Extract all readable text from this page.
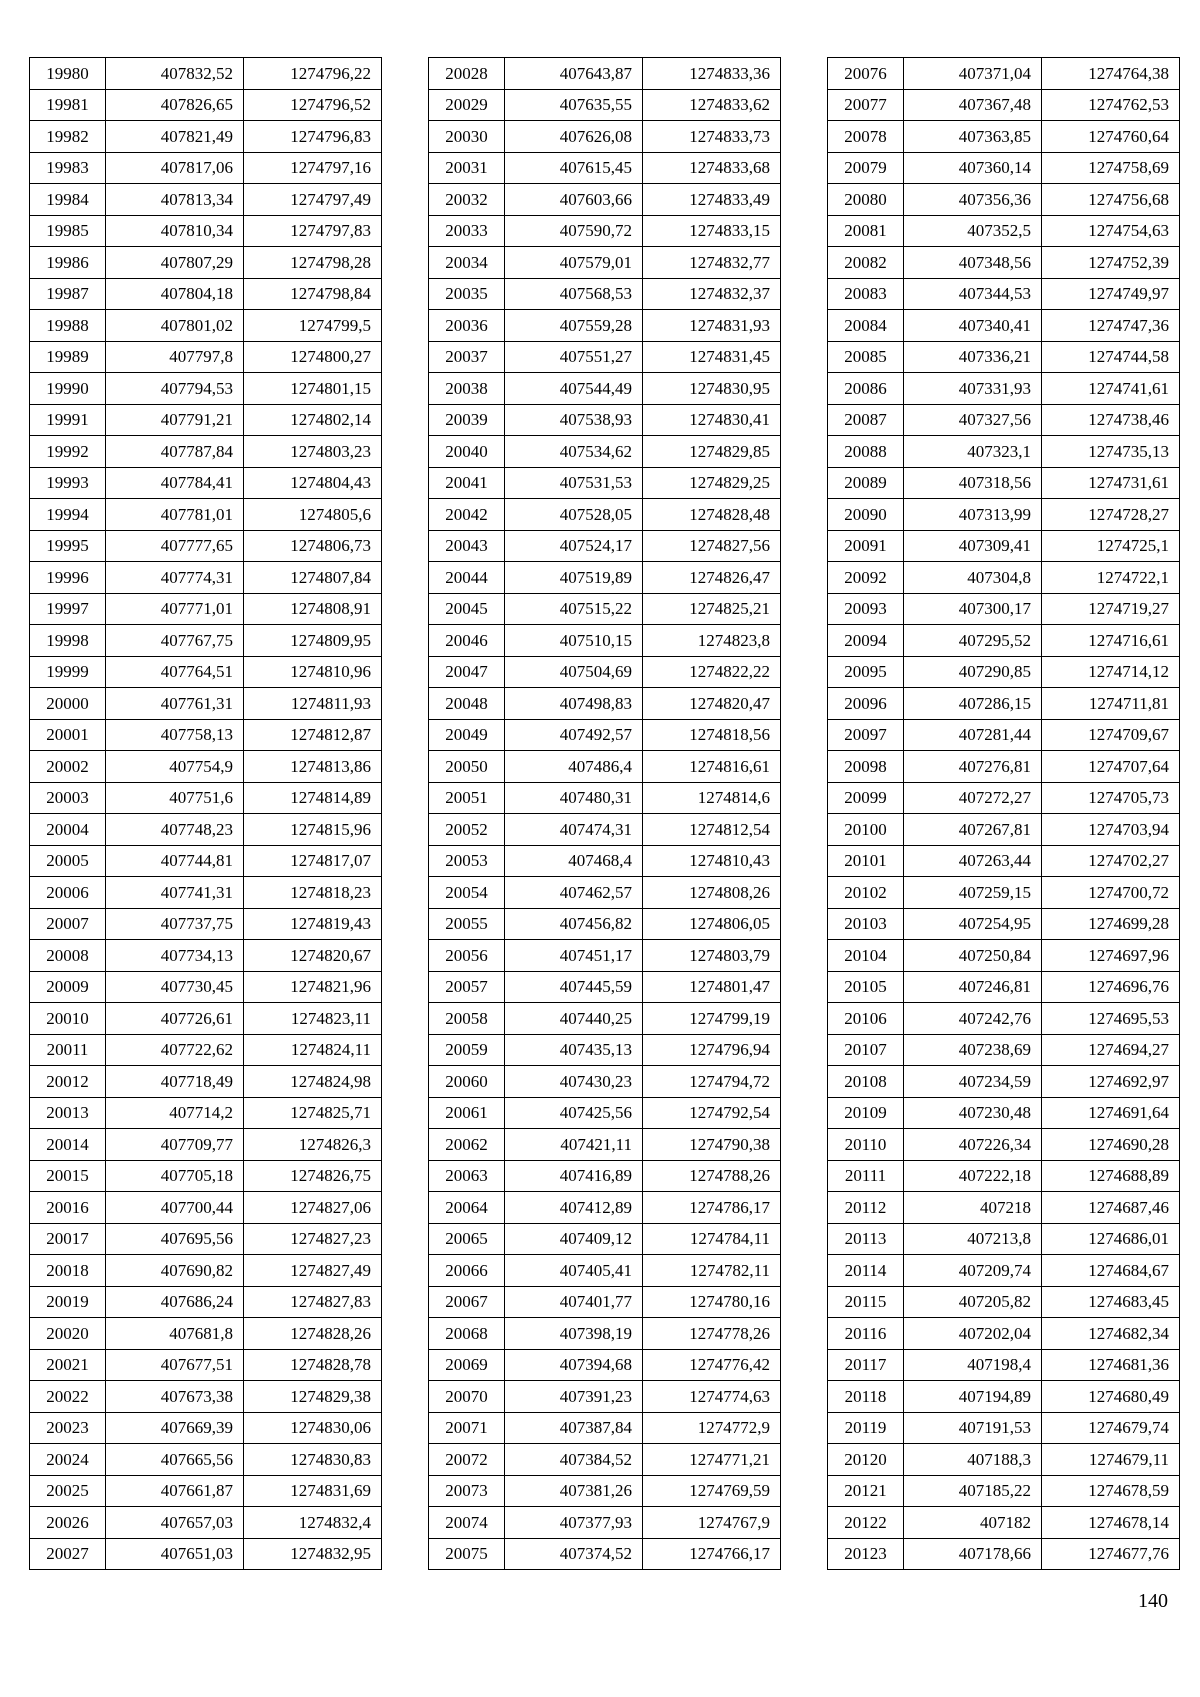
19980	407832,52	1274796,22
19981	407826,65	1274796,52
19982	407821,49	1274796,83
19983	407817,06	1274797,16
19984	407813,34	1274797,49
19985	407810,34	1274797,83
19986	407807,29	1274798,28
19987	407804,18	1274798,84
19988	407801,02	1274799,5
19989	407797,8	1274800,27
19990	407794,53	1274801,15
19991	407791,21	1274802,14
19992	407787,84	1274803,23
19993	407784,41	1274804,43
19994	407781,01	1274805,6
19995	407777,65	1274806,73
19996	407774,31	1274807,84
19997	407771,01	1274808,91
19998	407767,75	1274809,95
19999	407764,51	1274810,96
20000	407761,31	1274811,93
20001	407758,13	1274812,87
20002	407754,9	1274813,86
20003	407751,6	1274814,89
20004	407748,23	1274815,96
20005	407744,81	1274817,07
20006	407741,31	1274818,23
20007	407737,75	1274819,43
20008	407734,13	1274820,67
20009	407730,45	1274821,96
20010	407726,61	1274823,11
20011	407722,62	1274824,11
20012	407718,49	1274824,98
20013	407714,2	1274825,71
20014	407709,77	1274826,3
20015	407705,18	1274826,75
20016	407700,44	1274827,06
20017	407695,56	1274827,23
20018	407690,82	1274827,49
20019	407686,24	1274827,83
20020	407681,8	1274828,26
20021	407677,51	1274828,78
20022	407673,38	1274829,38
20023	407669,39	1274830,06
20024	407665,56	1274830,83
20025	407661,87	1274831,69
20026	407657,03	1274832,4
20027	407651,03	1274832,95
20028	407643,87	1274833,36
20029	407635,55	1274833,62
20030	407626,08	1274833,73
20031	407615,45	1274833,68
20032	407603,66	1274833,49
20033	407590,72	1274833,15
20034	407579,01	1274832,77
20035	407568,53	1274832,37
20036	407559,28	1274831,93
20037	407551,27	1274831,45
20038	407544,49	1274830,95
20039	407538,93	1274830,41
20040	407534,62	1274829,85
20041	407531,53	1274829,25
20042	407528,05	1274828,48
20043	407524,17	1274827,56
20044	407519,89	1274826,47
20045	407515,22	1274825,21
20046	407510,15	1274823,8
20047	407504,69	1274822,22
20048	407498,83	1274820,47
20049	407492,57	1274818,56
20050	407486,4	1274816,61
20051	407480,31	1274814,6
20052	407474,31	1274812,54
20053	407468,4	1274810,43
20054	407462,57	1274808,26
20055	407456,82	1274806,05
20056	407451,17	1274803,79
20057	407445,59	1274801,47
20058	407440,25	1274799,19
20059	407435,13	1274796,94
20060	407430,23	1274794,72
20061	407425,56	1274792,54
20062	407421,11	1274790,38
20063	407416,89	1274788,26
20064	407412,89	1274786,17
20065	407409,12	1274784,11
20066	407405,41	1274782,11
20067	407401,77	1274780,16
20068	407398,19	1274778,26
20069	407394,68	1274776,42
20070	407391,23	1274774,63
20071	407387,84	1274772,9
20072	407384,52	1274771,21
20073	407381,26	1274769,59
20074	407377,93	1274767,9
20075	407374,52	1274766,17
20076	407371,04	1274764,38
20077	407367,48	1274762,53
20078	407363,85	1274760,64
20079	407360,14	1274758,69
20080	407356,36	1274756,68
20081	407352,5	1274754,63
20082	407348,56	1274752,39
20083	407344,53	1274749,97
20084	407340,41	1274747,36
20085	407336,21	1274744,58
20086	407331,93	1274741,61
20087	407327,56	1274738,46
20088	407323,1	1274735,13
20089	407318,56	1274731,61
20090	407313,99	1274728,27
20091	407309,41	1274725,1
20092	407304,8	1274722,1
20093	407300,17	1274719,27
20094	407295,52	1274716,61
20095	407290,85	1274714,12
20096	407286,15	1274711,81
20097	407281,44	1274709,67
20098	407276,81	1274707,64
20099	407272,27	1274705,73
20100	407267,81	1274703,94
20101	407263,44	1274702,27
20102	407259,15	1274700,72
20103	407254,95	1274699,28
20104	407250,84	1274697,96
20105	407246,81	1274696,76
20106	407242,76	1274695,53
20107	407238,69	1274694,27
20108	407234,59	1274692,97
20109	407230,48	1274691,64
20110	407226,34	1274690,28
20111	407222,18	1274688,89
20112	407218	1274687,46
20113	407213,8	1274686,01
20114	407209,74	1274684,67
20115	407205,82	1274683,45
20116	407202,04	1274682,34
20117	407198,4	1274681,36
20118	407194,89	1274680,49
20119	407191,53	1274679,74
20120	407188,3	1274679,11
20121	407185,22	1274678,59
20122	407182	1274678,14
20123	407178,66	1274677,76
140
